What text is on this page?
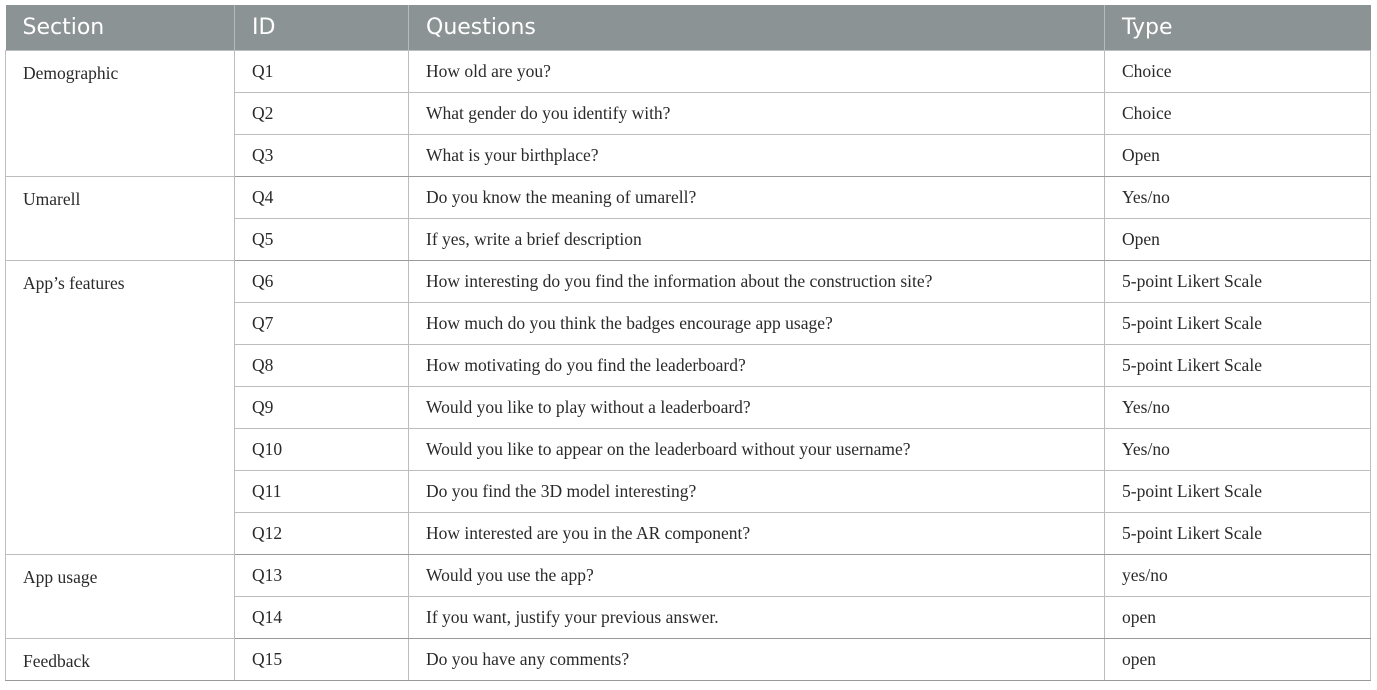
Section	ID	Questions	Type
Demographic	Q1	How old are you?	Choice
	Q2	What gender do you identify with?	Choice
	Q3	What is your birthplace?	Open
Umarell	Q4	Do you know the meaning of umarell?	Yes/no
	Q5	If yes, write a brief description	Open
App’s features	Q6	How interesting do you find the information about the construction site?	5-point Likert Scale
	Q7	How much do you think the badges encourage app usage?	5-point Likert Scale
	Q8	How motivating do you find the leaderboard?	5-point Likert Scale
	Q9	Would you like to play without a leaderboard?	Yes/no
	Q10	Would you like to appear on the leaderboard without your username?	Yes/no
	Q11	Do you find the 3D model interesting?	5-point Likert Scale
	Q12	How interested are you in the AR component?	5-point Likert Scale
App usage	Q13	Would you use the app?	yes/no
	Q14	If you want, justify your previous answer.	open
Feedback	Q15	Do you have any comments?	open
